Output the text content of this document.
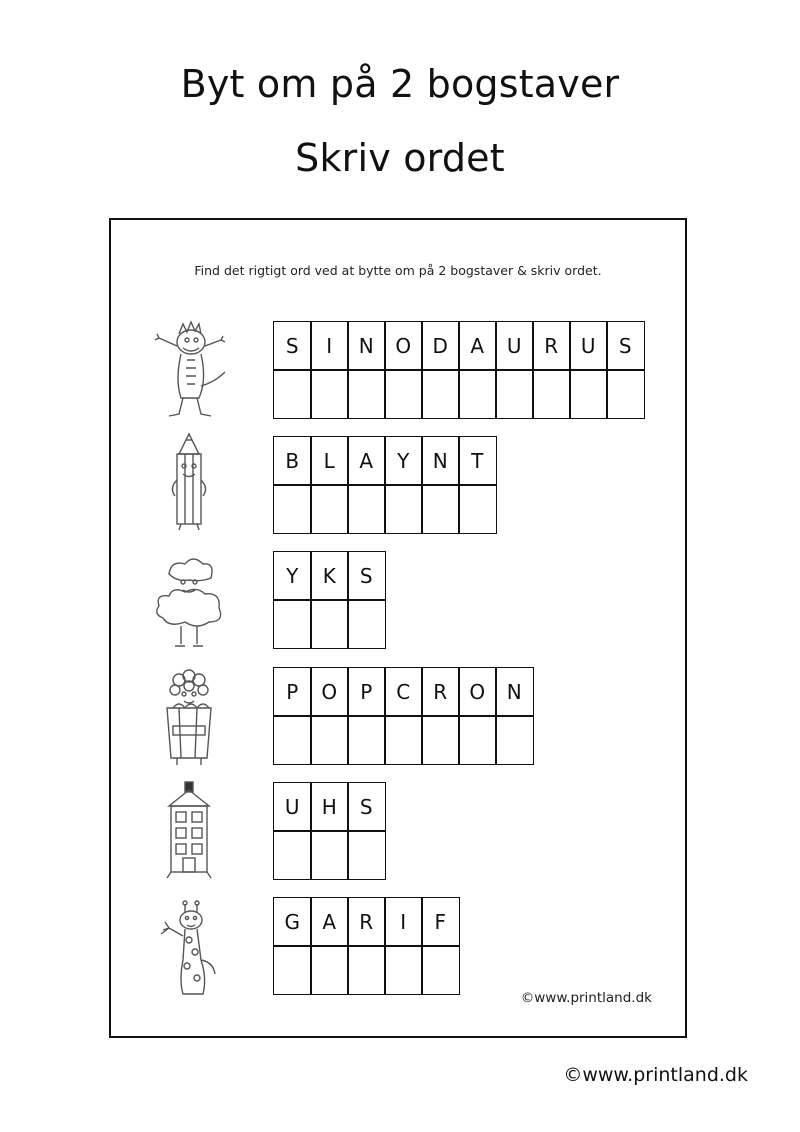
Byt om på 2 bogstaver
Skriv ordet
Find det rigtigt ord ved at bytte om på 2 bogstaver & skriv ordet.
S	I	N	O	D	A	U	R	U	S
B	L	A	Y	N	T
Y	K	S
P	O	P	C	R	O	N
U	H	S
G	A	R	I	F
©www.printland.dk
©www.printland.dk
